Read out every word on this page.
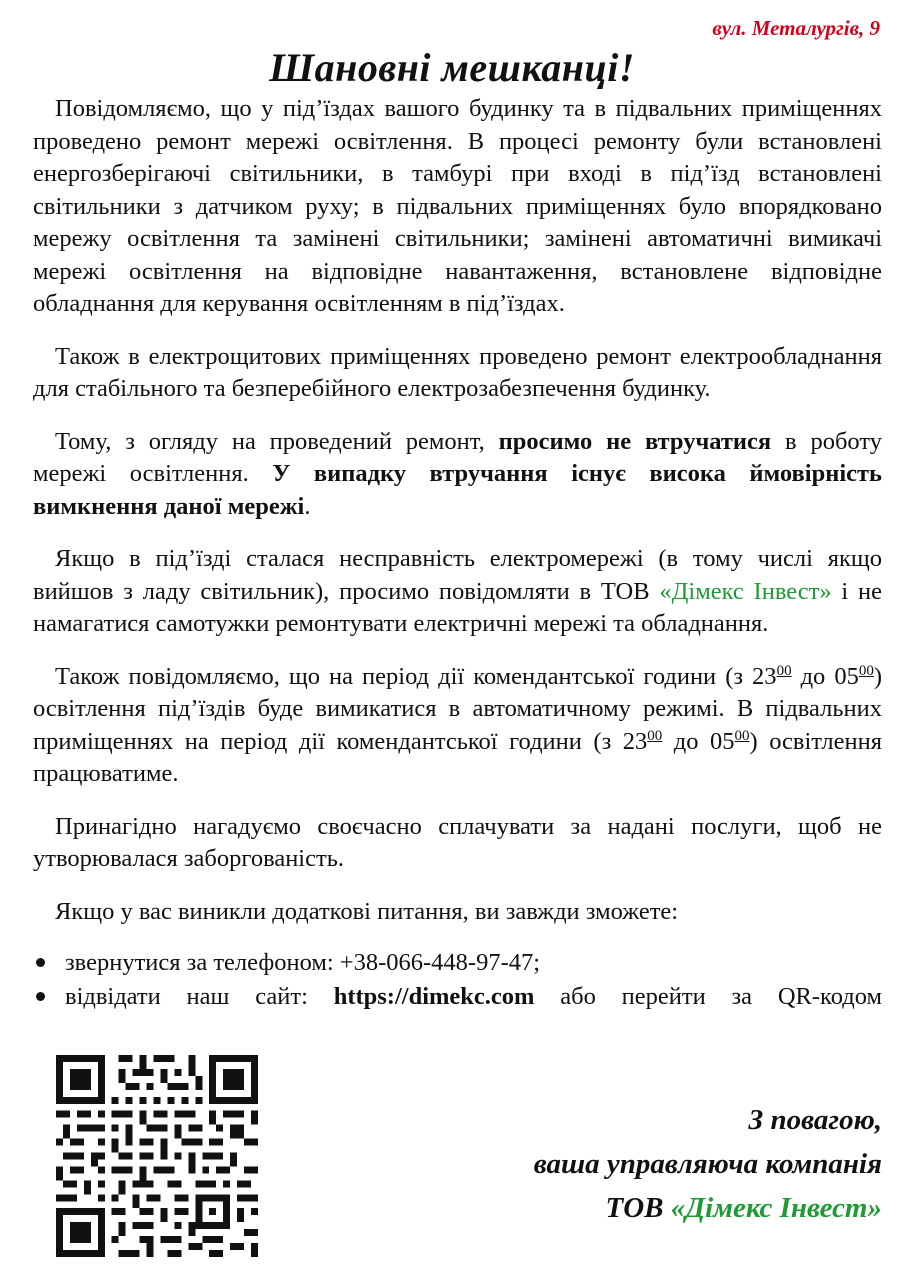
вул. Металургів, 9
Шановні мешканці!

Повідомляємо, що у під’їздах вашого будинку та в підвальних приміщеннях проведено ремонт мережі освітлення. В процесі ремонту були встановлені енергозберігаючі світильники, в тамбурі при вході в під’їзд встановлені світильники з датчиком руху; в підвальних приміщеннях було впорядковано мережу освітлення та замінені світильники; замінені автоматичні вимикачі мережі освітлення на відповідне навантаження, встановлене відповідне обладнання для керування освітленням в під’їздах.

Також в електрощитових приміщеннях проведено ремонт електрообладнання для стабільного та безперебійного електрозабезпечення будинку.

Тому, з огляду на проведений ремонт, просимо не втручатися в роботу мережі освітлення. У випадку втручання існує висока ймовірність вимкнення даної мережі.

Якщо в під’їзді сталася несправність електромережі (в тому числі якщо вийшов з ладу світильник), просимо повідомляти в ТОВ «Дімекс Інвест» і не намагатися самотужки ремонтувати електричні мережі та обладнання.

Також повідомляємо, що на період дії комендантської години (з $23^{00}$ до $05^{00}$) освітлення під’їздів буде вимикатися в автоматичному режимі. В підвальних приміщеннях на період дії комендантської години (з $23^{00}$ до $05^{00}$) освітлення працюватиме.

Принагідно нагадуємо своєчасно сплачувати за надані послуги, щоб не утворювалася заборгованість.

Якщо у вас виникли додаткові питання, ви завжди зможете:

звернутися за телефоном: +38-066-448-97-47;
відвідати наш сайт: https://dimekc.com або перейти за QR-кодом
З повагою,
ваша управляюча компанія
ТОВ «Дімекс Інвест»
